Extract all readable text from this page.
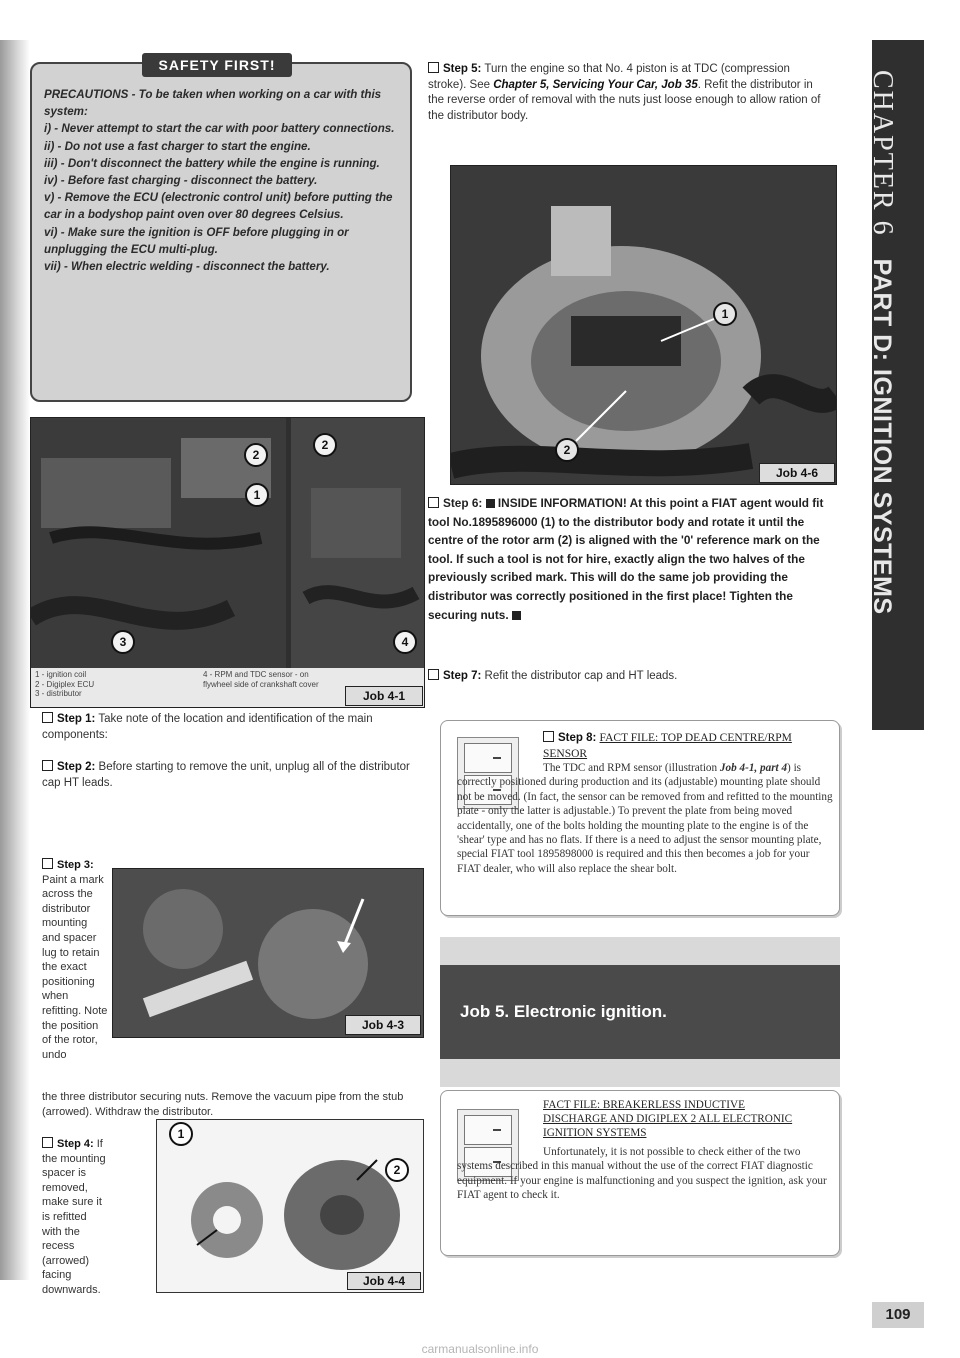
SAFETY FIRST!

PRECAUTIONS - To be taken when working on a car with this system:

i) - Never attempt to start the car with poor battery connections.

ii) - Do not use a fast charger to start the engine.

iii) - Don't disconnect the battery while the engine is running.

iv) - Before fast charging - disconnect the battery.

v) - Remove the ECU (electronic control unit) before putting the car in a bodyshop paint oven over 80 degrees Celsius.

vi) - Make sure the ignition is OFF before plugging in or unplugging the ECU multi-plug.

vii) - When electric welding - disconnect the battery.

2
1
2
3	4
1 - ignition coil
2 - Digiplex ECU
3 - distributor
4 - RPM and TDC sensor - on flywheel side of crankshaft cover
Job 4-1
Step 1: Take note of the location and identification of the main components:
Step 2: Before starting to remove the unit, unplug all of the distributor cap HT leads.
Step 3: Paint a mark across the distributor mounting and spacer lug to retain the exact positioning when refitting. Note the position of the rotor, undo
Job 4-3
the three distributor securing nuts. Remove the vacuum pipe from the stub (arrowed). Withdraw the distributor.
Step 4: If the mounting spacer is removed, make sure it is refitted with the recess (arrowed) facing downwards.
1
2
Job 4-4
Step 5: Turn the engine so that No. 4 piston is at TDC (compression stroke). See Chapter 5, Servicing Your Car, Job 35. Refit the distributor in the reverse order of removal with the nuts just loose enough to allow ration of the distributor body.
1
2
Job 4-6
Step 6: INSIDE INFORMATION! At this point a FIAT agent would fit tool No.1895896000 (1) to the distributor body and rotate it until the centre of the rotor arm (2) is aligned with the '0' reference mark on the tool. If such a tool is not for hire, exactly align the two halves of the previously scribed mark. This will do the same job providing the distributor was correctly positioned in the first place! Tighten the securing nuts.
Step 7: Refit the distributor cap and HT leads.
Step 8: FACT FILE: TOP DEAD CENTRE/RPM SENSOR
The TDC and RPM sensor (illustration Job 4-1, part 4) is correctly positioned during production and its (adjustable) mounting plate should not be moved. (In fact, the sensor can be removed from and refitted to the mounting plate - only the latter is adjustable.) To prevent the plate from being moved accidentally, one of the bolts holding the mounting plate to the engine is of the 'shear' type and has no flats. If there is a need to adjust the sensor mounting plate, special FIAT tool 1895898000 is required and this then becomes a job for your FIAT dealer, who will also replace the shear bolt.
Job 5. Electronic ignition.
FACT FILE: BREAKERLESS INDUCTIVE DISCHARGE AND DIGIPLEX 2 ALL ELECTRONIC IGNITION SYSTEMS
Unfortunately, it is not possible to check either of the two systems described in this manual without the use of the correct FIAT diagnostic equipment. If your engine is malfunctioning and you suspect the ignition, ask your FIAT agent to check it.
CHAPTER 6PART D: IGNITION SYSTEMS
109
carmanualsonline.info
